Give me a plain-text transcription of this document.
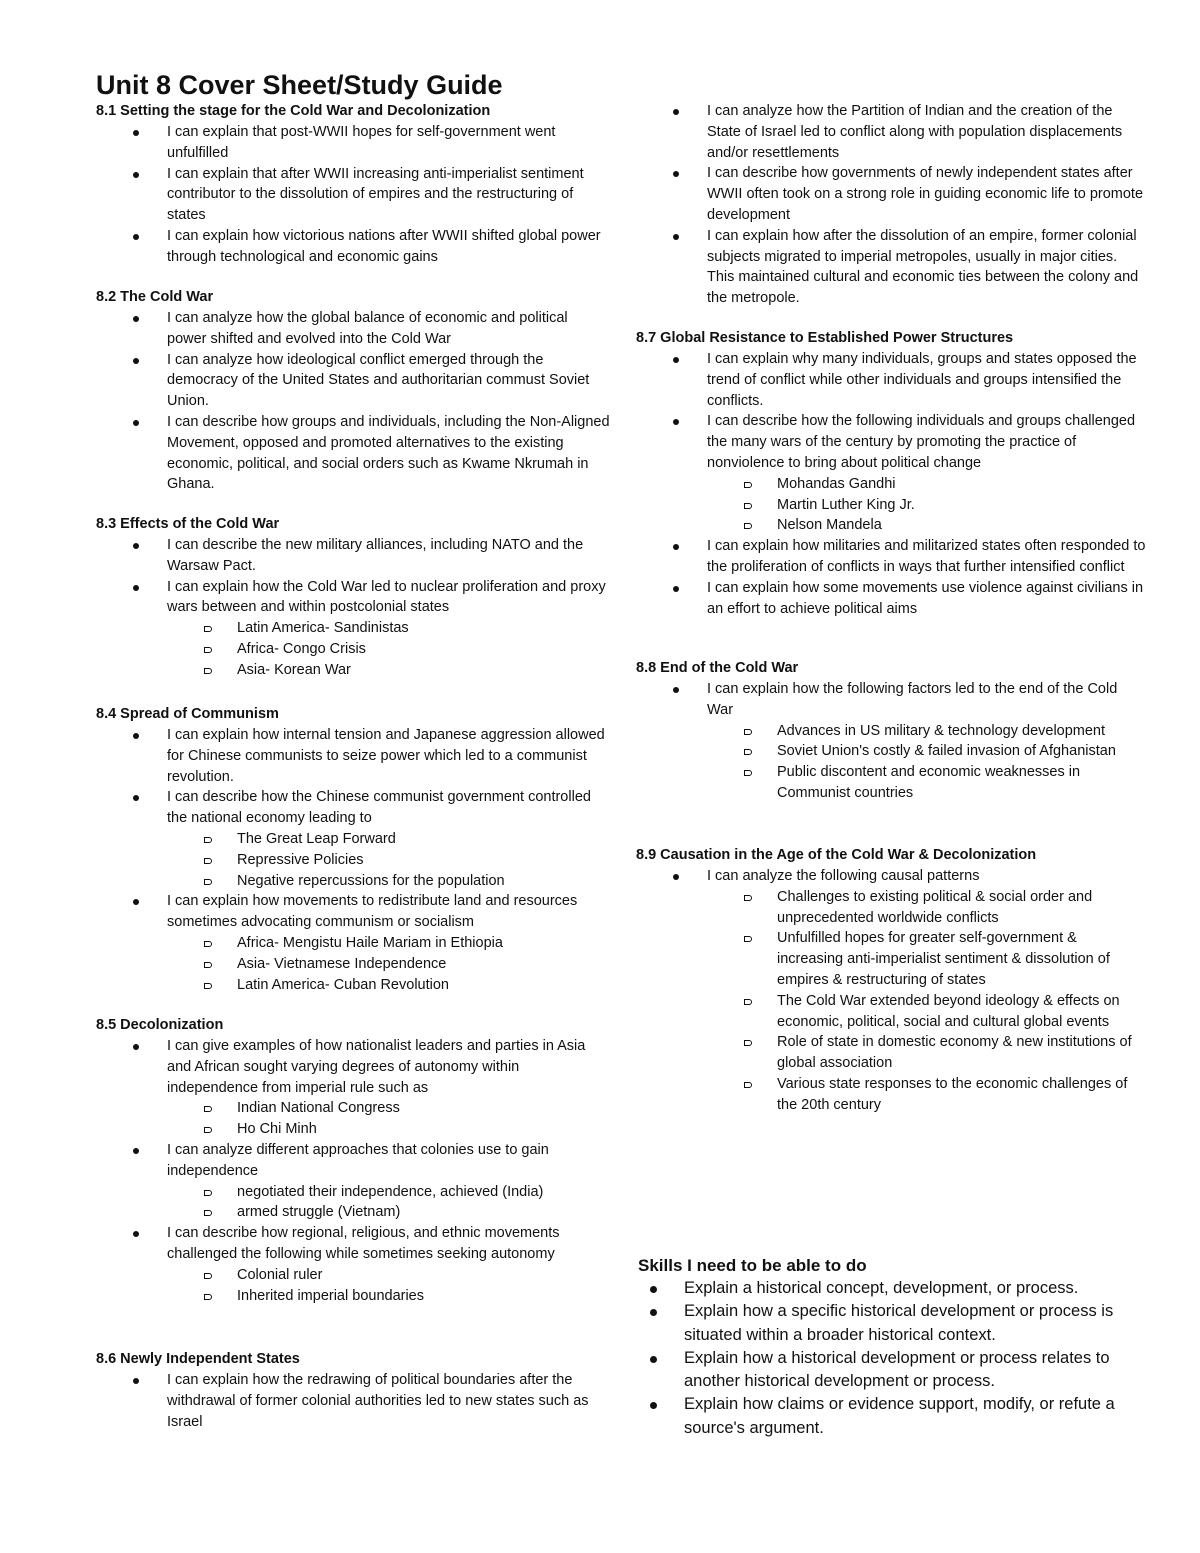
Unit 8 Cover Sheet/Study Guide
8.1 Setting the stage for the Cold War and Decolonization
I can explain that post-WWII hopes for self-government went unfulfilled
I can explain that after WWII increasing anti-imperialist sentiment contributor to the dissolution of empires and the restructuring of states
I can explain how victorious nations after WWII shifted global power through technological and economic gains
8.2 The Cold War
I can analyze how the global balance of economic and political power shifted and evolved into the Cold War
I can analyze how ideological conflict emerged through the democracy of the United States and authoritarian commust Soviet Union.
I can describe how groups and individuals, including the Non-Aligned Movement, opposed and promoted alternatives to the existing economic, political, and social orders such as Kwame Nkrumah in Ghana.
8.3 Effects of the Cold War
I can describe the new military alliances, including NATO and the Warsaw Pact.
I can explain how the Cold War led to nuclear proliferation and proxy wars between and within postcolonial states
Latin America- Sandinistas
Africa- Congo Crisis
Asia- Korean War
8.4 Spread of Communism
I can explain how internal tension and Japanese aggression allowed for Chinese communists to seize power which led to a communist revolution.
I can describe how the Chinese communist government controlled the national economy leading to
The Great Leap Forward
Repressive Policies
Negative repercussions for the population
I can explain how movements to redistribute land and resources sometimes advocating communism or socialism
Africa- Mengistu Haile Mariam in Ethiopia
Asia- Vietnamese Independence
Latin America- Cuban Revolution
8.5 Decolonization
I can give examples of how nationalist leaders and parties in Asia and African sought varying degrees of autonomy within independence from imperial rule such as
Indian National Congress
Ho Chi Minh
I can analyze different approaches that colonies use to gain independence
negotiated their independence, achieved (India)
armed struggle (Vietnam)
I can describe how regional, religious, and ethnic movements challenged the following while sometimes seeking autonomy
Colonial ruler
Inherited imperial boundaries
8.6 Newly Independent States
I can explain how the redrawing of political boundaries after the withdrawal of former colonial authorities led to new states such as Israel
I can analyze how the Partition of Indian and the creation of the State of Israel led to conflict along with population displacements and/or resettlements
I can describe how governments of newly independent states after WWII often took on a strong role in guiding economic life to promote development
I can explain how after the dissolution of an empire, former colonial subjects migrated to imperial metropoles, usually in major cities. This maintained cultural and economic ties between the colony and the metropole.
8.7 Global Resistance to Established Power Structures
I can explain why many individuals, groups and states opposed the trend of conflict while other individuals and groups intensified the conflicts.
I can describe how the following individuals and groups challenged the many wars of the century by promoting the practice of nonviolence to bring about political change
Mohandas Gandhi
Martin Luther King Jr.
Nelson Mandela
I can explain how militaries and militarized states often responded to the proliferation of conflicts in ways that further intensified conflict
I can explain how some movements use violence against civilians in an effort to achieve political aims
8.8 End of the Cold War
I can explain how the following factors led to the end of the Cold War
Advances in US military & technology development
Soviet Union's costly & failed invasion of Afghanistan
Public discontent and economic weaknesses in Communist countries
8.9 Causation in the Age of the Cold War & Decolonization
I can analyze the following causal patterns
Challenges to existing political & social order and unprecedented worldwide conflicts
Unfulfilled hopes for greater self-government & increasing anti-imperialist sentiment & dissolution of empires & restructuring of states
The Cold War extended beyond ideology & effects on economic, political, social and cultural global events
Role of state in domestic economy & new institutions of global association
Various state responses to the economic challenges of the 20th century
Skills I need to be able to do
Explain a historical concept, development, or process.
Explain how a specific historical development or process is situated within a broader historical context.
Explain how a historical development or process relates to another historical development or process.
Explain how claims or evidence support, modify, or refute a source's argument.
